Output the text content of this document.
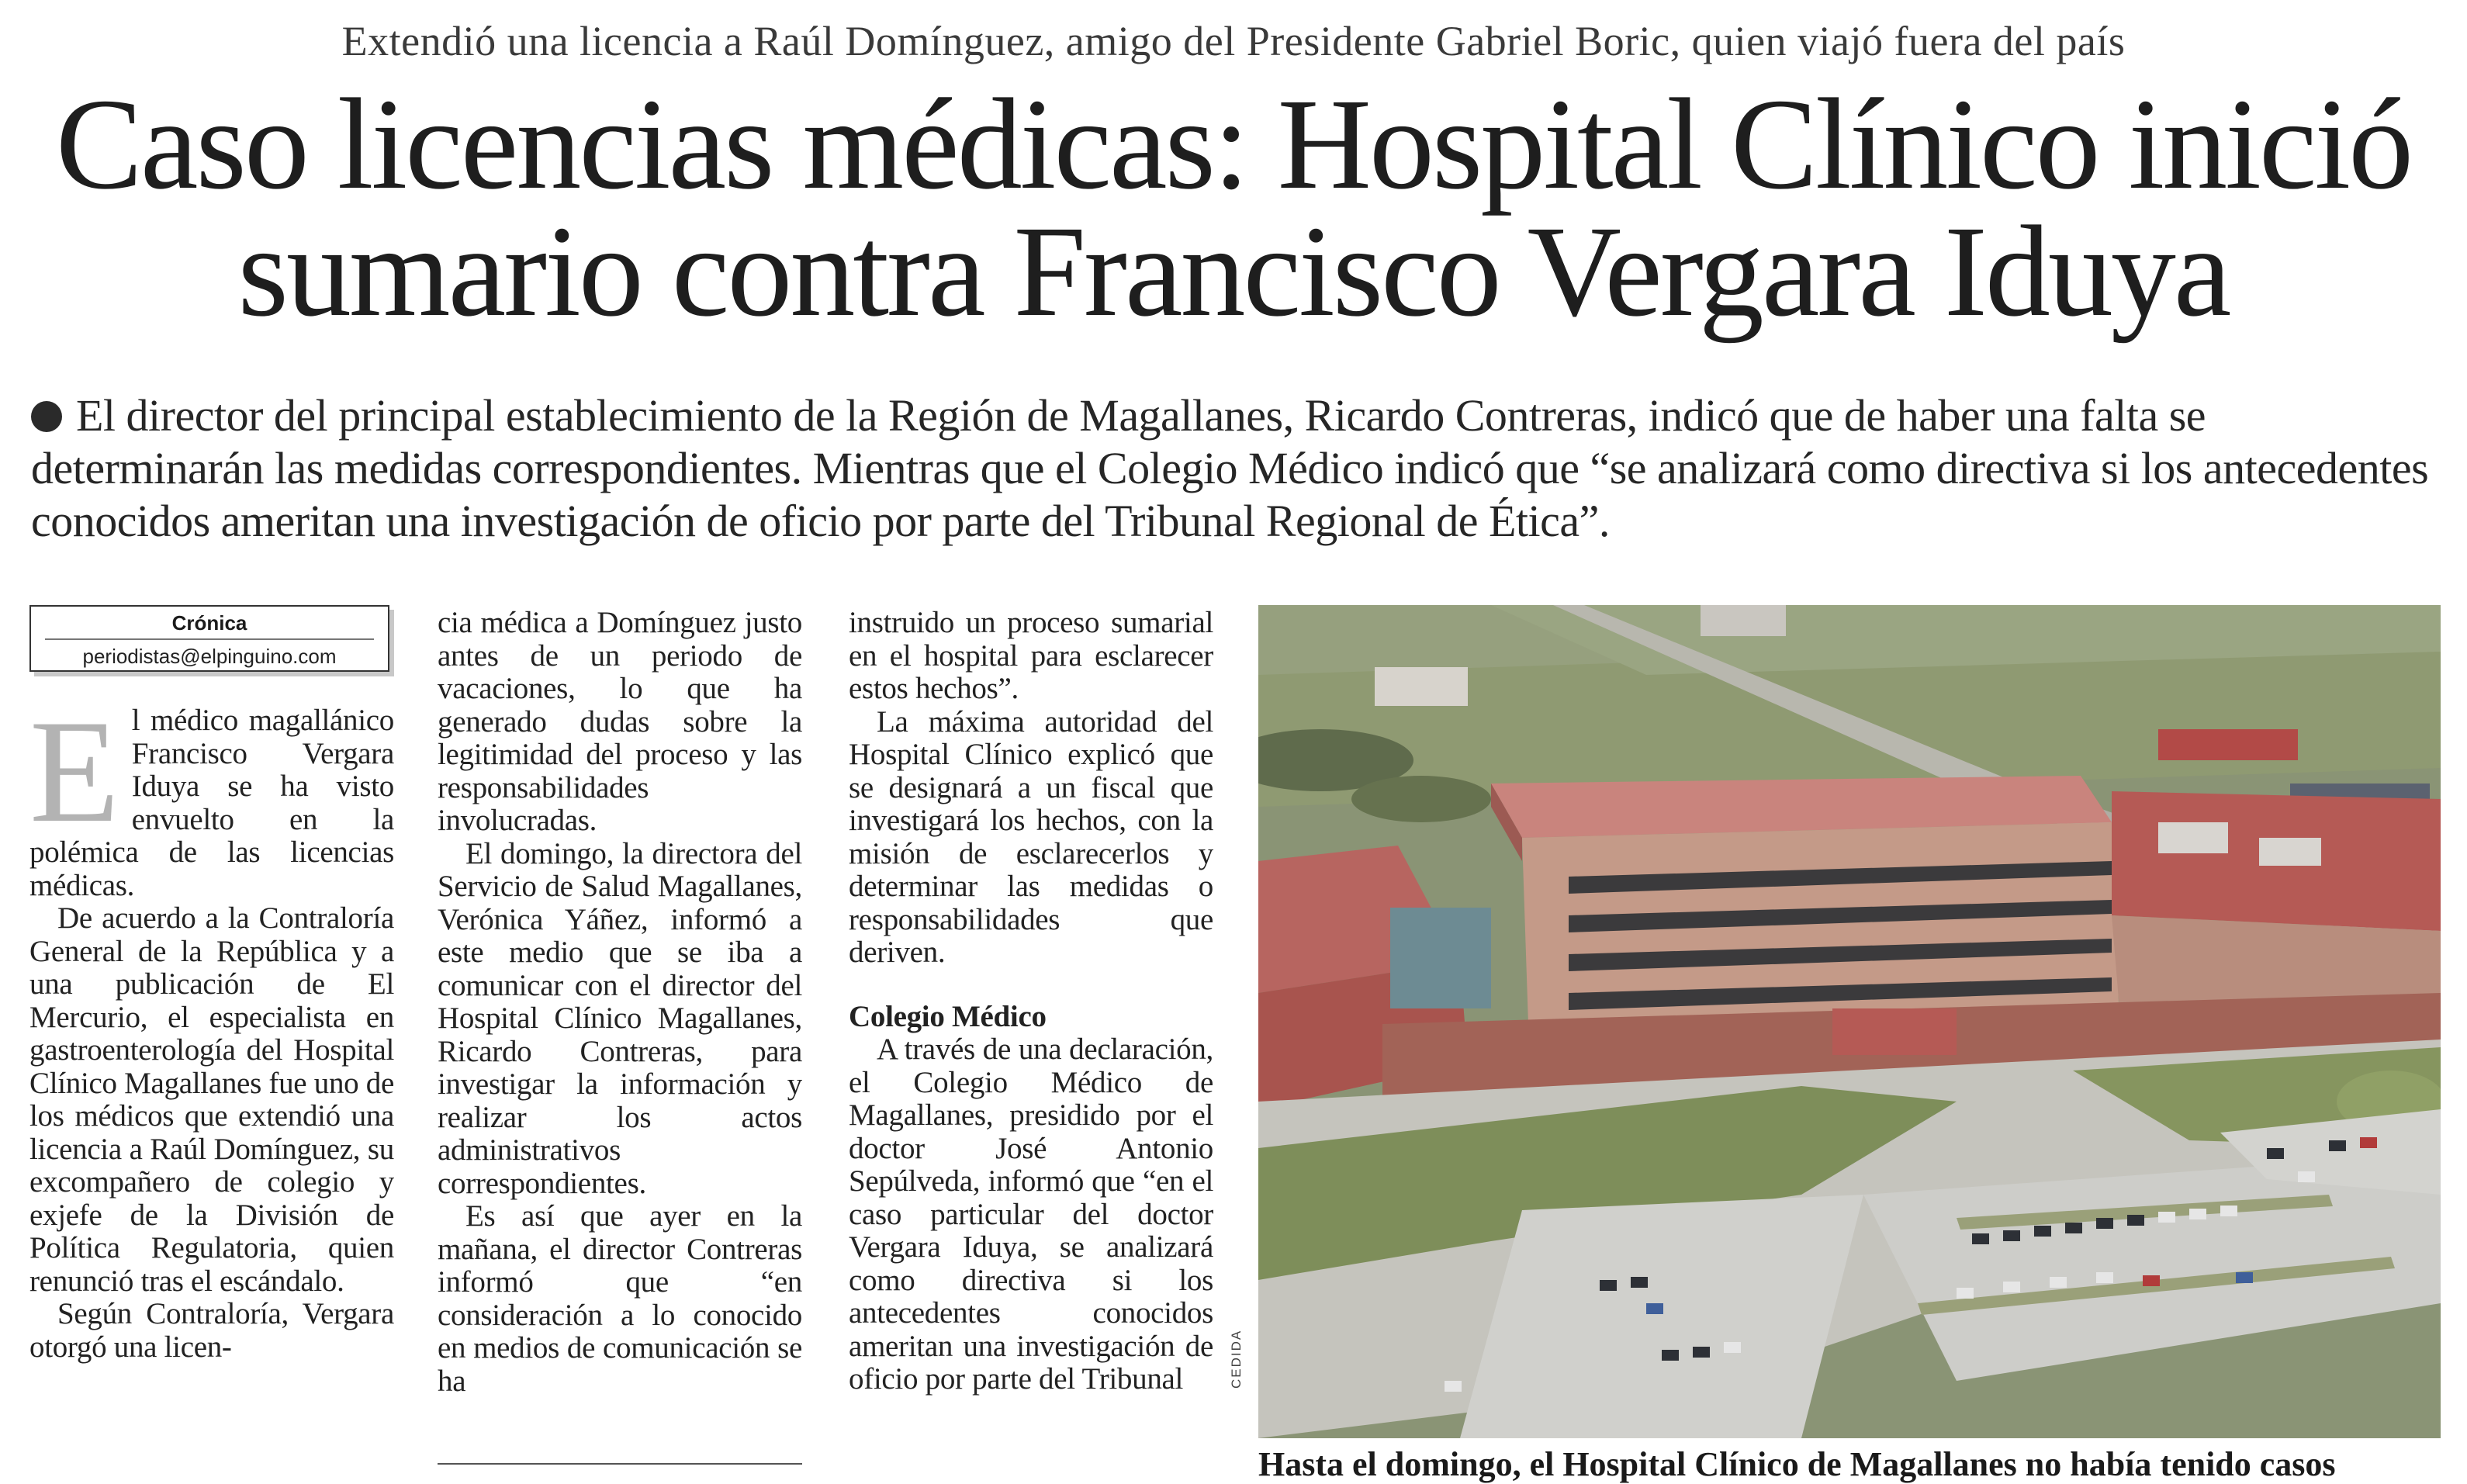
Extendió una licencia a Raúl Domínguez, amigo del Presidente Gabriel Boric, quien viajó fuera del país
Caso licencias médicas: Hospital Clínico inició
sumario contra Francisco Vergara Iduya

El director del principal establecimiento de la Región de Magallanes, Ricardo Contreras, indicó que de haber una falta se determinarán las medidas correspondientes. Mientras que el Colegio Médico indicó que “se analizará como directiva si los antecedentes conocidos ameritan una investigación de oficio por parte del Tribunal Regional de Ética”.

Crónica
periodistas@elpinguino.com
E l médico magallánico Francisco Vergara Iduya se ha visto envuelto en la polémica de las licencias médicas.

De acuerdo a la Contraloría General de la República y a una publicación de El Mercurio, el especialista en gastroenterología del Hospital Clínico Magallanes fue uno de los médicos que extendió una licencia a Raúl Domínguez, su excompañero de colegio y exjefe de la División de Política Regulatoria, quien renunció tras el escándalo.

Según Contraloría, Vergara otorgó una licen-

cia médica a Domínguez justo antes de un periodo de vacaciones, lo que ha generado dudas sobre la legitimidad del proceso y las responsabilidades involucradas.

El domingo, la directora del Servicio de Salud Magallanes, Verónica Yáñez, informó a este medio que se iba a comunicar con el director del Hospital Clínico Magallanes, Ricardo Contreras, para investigar la información y realizar los actos administrativos correspondientes.

Es así que ayer en la mañana, el director Contreras informó que “en consideración a lo conocido en medios de comunicación se ha

instruido un proceso sumarial en el hospital para esclarecer estos hechos”.

La máxima autoridad del Hospital Clínico explicó que se designará a un fiscal que investigará los hechos, con la misión de esclarecerlos y determinar las medidas o responsabilidades que deriven.

Colegio Médico

A través de una declaración, el Colegio Médico de Magallanes, presidido por el doctor José Antonio Sepúlveda, informó que “en el caso particular del doctor Vergara Iduya, se analizará como directiva si los antecedentes conocidos ameritan una investigación de oficio por parte del Tribunal	CEDIDA
Hasta el domingo, el Hospital Clínico de Magallanes no había tenido casos
